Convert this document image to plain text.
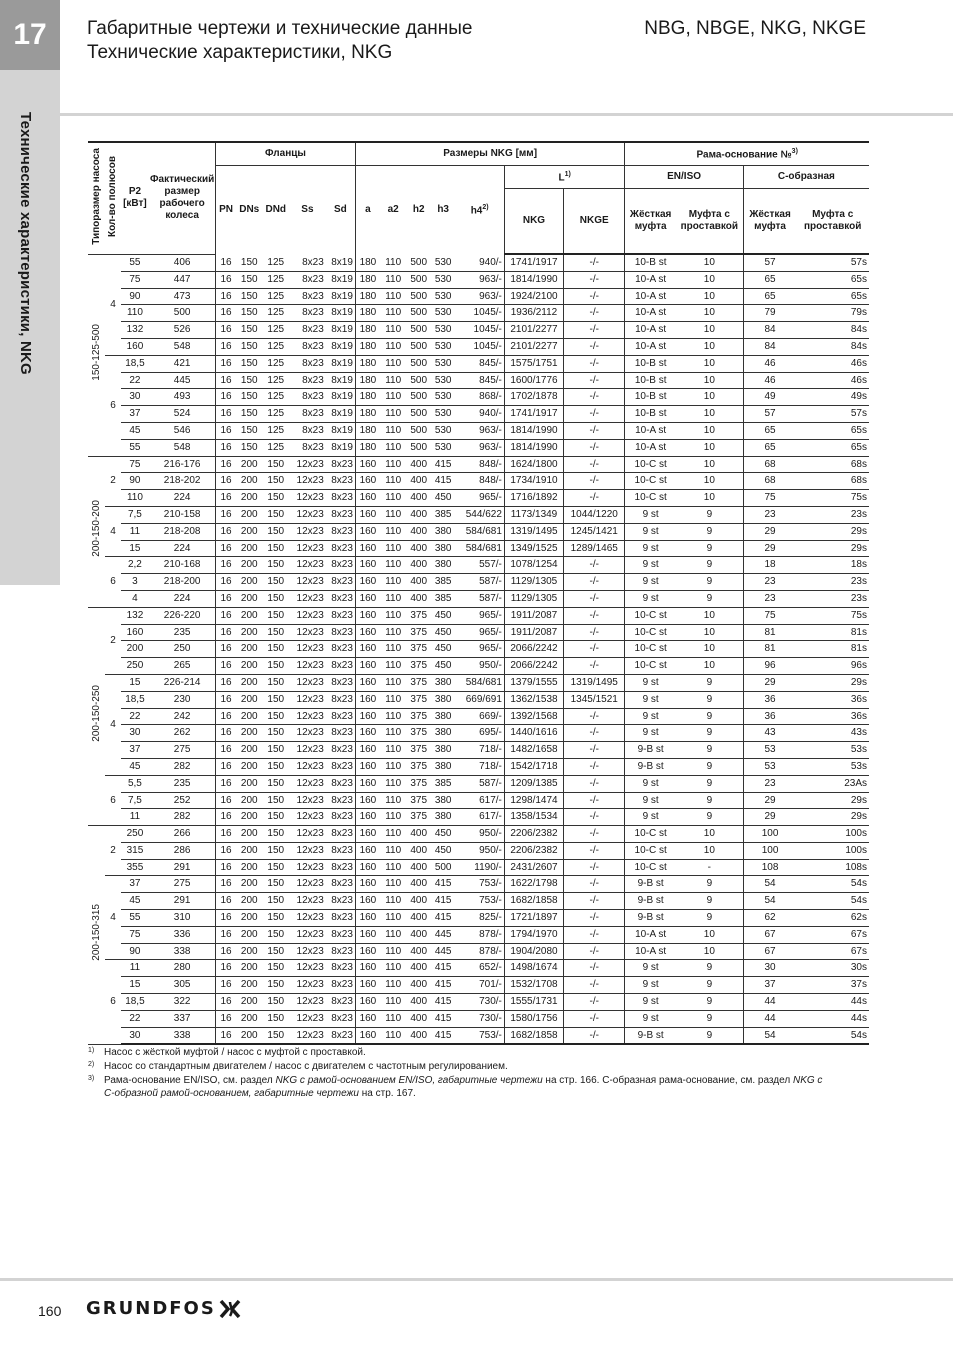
17
Технические характеристики, NKG
Габаритные чертежи и технические данные
Технические характеристики, NKG
NBG, NBGE, NKG, NKGE
Типоразмер насоса	Кол-во полюсов	P2 [кВт]	Фактический размер рабочего колеса	Фланцы					Размеры NKG [мм]							Рама-основание №$^{3)}$
				PN	DNs	DNd	Ss	Sd	a	a2	h2	h3	h4$^{2)}$	$L^{1)}$		EN/ISO		С-образная	
														NKG	NKGE	Жёсткая муфта	Муфта с проставкой	Жёсткая муфта	Муфта с проставкой
150-125-500	4	55	406	16	150	125	8x23	8x19	180	110	500	530	940/-	1741/1917	-/-	10-B st	10	57	57s
		75	447	16	150	125	8x23	8x19	180	110	500	530	963/-	1814/1990	-/-	10-A st	10	65	65s
		90	473	16	150	125	8x23	8x19	180	110	500	530	963/-	1924/2100	-/-	10-A st	10	65	65s
		110	500	16	150	125	8x23	8x19	180	110	500	530	1045/-	1936/2112	-/-	10-A st	10	79	79s
		132	526	16	150	125	8x23	8x19	180	110	500	530	1045/-	2101/2277	-/-	10-A st	10	84	84s
		160	548	16	150	125	8x23	8x19	180	110	500	530	1045/-	2101/2277	-/-	10-A st	10	84	84s
	6	18,5	421	16	150	125	8x23	8x19	180	110	500	530	845/-	1575/1751	-/-	10-B st	10	46	46s
		22	445	16	150	125	8x23	8x19	180	110	500	530	845/-	1600/1776	-/-	10-B st	10	46	46s
		30	493	16	150	125	8x23	8x19	180	110	500	530	868/-	1702/1878	-/-	10-B st	10	49	49s
		37	524	16	150	125	8x23	8x19	180	110	500	530	940/-	1741/1917	-/-	10-B st	10	57	57s
		45	546	16	150	125	8x23	8x19	180	110	500	530	963/-	1814/1990	-/-	10-A st	10	65	65s
		55	548	16	150	125	8x23	8x19	180	110	500	530	963/-	1814/1990	-/-	10-A st	10	65	65s
200-150-200	2	75	216-176	16	200	150	12x23	8x23	160	110	400	415	848/-	1624/1800	-/-	10-C st	10	68	68s
		90	218-202	16	200	150	12x23	8x23	160	110	400	415	848/-	1734/1910	-/-	10-C st	10	68	68s
		110	224	16	200	150	12x23	8x23	160	110	400	450	965/-	1716/1892	-/-	10-C st	10	75	75s
	4	7,5	210-158	16	200	150	12x23	8x23	160	110	400	385	544/622	1173/1349	1044/1220	9 st	9	23	23s
		11	218-208	16	200	150	12x23	8x23	160	110	400	380	584/681	1319/1495	1245/1421	9 st	9	29	29s
		15	224	16	200	150	12x23	8x23	160	110	400	380	584/681	1349/1525	1289/1465	9 st	9	29	29s
	6	2,2	210-168	16	200	150	12x23	8x23	160	110	400	380	557/-	1078/1254	-/-	9 st	9	18	18s
		3	218-200	16	200	150	12x23	8x23	160	110	400	385	587/-	1129/1305	-/-	9 st	9	23	23s
		4	224	16	200	150	12x23	8x23	160	110	400	385	587/-	1129/1305	-/-	9 st	9	23	23s
200-150-250	2	132	226-220	16	200	150	12x23	8x23	160	110	375	450	965/-	1911/2087	-/-	10-C st	10	75	75s
		160	235	16	200	150	12x23	8x23	160	110	375	450	965/-	1911/2087	-/-	10-C st	10	81	81s
		200	250	16	200	150	12x23	8x23	160	110	375	450	965/-	2066/2242	-/-	10-C st	10	81	81s
		250	265	16	200	150	12x23	8x23	160	110	375	450	950/-	2066/2242	-/-	10-C st	10	96	96s
	4	15	226-214	16	200	150	12x23	8x23	160	110	375	380	584/681	1379/1555	1319/1495	9 st	9	29	29s
		18,5	230	16	200	150	12x23	8x23	160	110	375	380	669/691	1362/1538	1345/1521	9 st	9	36	36s
		22	242	16	200	150	12x23	8x23	160	110	375	380	669/-	1392/1568	-/-	9 st	9	36	36s
		30	262	16	200	150	12x23	8x23	160	110	375	380	695/-	1440/1616	-/-	9 st	9	43	43s
		37	275	16	200	150	12x23	8x23	160	110	375	380	718/-	1482/1658	-/-	9-B st	9	53	53s
		45	282	16	200	150	12x23	8x23	160	110	375	380	718/-	1542/1718	-/-	9-B st	9	53	53s
	6	5,5	235	16	200	150	12x23	8x23	160	110	375	385	587/-	1209/1385	-/-	9 st	9	23	23As
		7,5	252	16	200	150	12x23	8x23	160	110	375	380	617/-	1298/1474	-/-	9 st	9	29	29s
		11	282	16	200	150	12x23	8x23	160	110	375	380	617/-	1358/1534	-/-	9 st	9	29	29s
200-150-315	2	250	266	16	200	150	12x23	8x23	160	110	400	450	950/-	2206/2382	-/-	10-C st	10	100	100s
		315	286	16	200	150	12x23	8x23	160	110	400	450	950/-	2206/2382	-/-	10-C st	10	100	100s
		355	291	16	200	150	12x23	8x23	160	110	400	500	1190/-	2431/2607	-/-	10-C st	-	108	108s
	4	37	275	16	200	150	12x23	8x23	160	110	400	415	753/-	1622/1798	-/-	9-B st	9	54	54s
		45	291	16	200	150	12x23	8x23	160	110	400	415	753/-	1682/1858	-/-	9-B st	9	54	54s
		55	310	16	200	150	12x23	8x23	160	110	400	415	825/-	1721/1897	-/-	9-B st	9	62	62s
		75	336	16	200	150	12x23	8x23	160	110	400	445	878/-	1794/1970	-/-	10-A st	10	67	67s
		90	338	16	200	150	12x23	8x23	160	110	400	445	878/-	1904/2080	-/-	10-A st	10	67	67s
	6	11	280	16	200	150	12x23	8x23	160	110	400	415	652/-	1498/1674	-/-	9 st	9	30	30s
		15	305	16	200	150	12x23	8x23	160	110	400	415	701/-	1532/1708	-/-	9 st	9	37	37s
		18,5	322	16	200	150	12x23	8x23	160	110	400	415	730/-	1555/1731	-/-	9 st	9	44	44s
		22	337	16	200	150	12x23	8x23	160	110	400	415	730/-	1580/1756	-/-	9 st	9	44	44s
		30	338	16	200	150	12x23	8x23	160	110	400	415	753/-	1682/1858	-/-	9-B st	9	54	54s
1) Насос с жёсткой муфтой / насос с муфтой с проставкой.
2) Насос со стандартным двигателем / насос с двигателем с частотным регулированием.
3) Рама-основание EN/ISO, см. раздел NKG с рамой-основанием EN/ISO, габаритные чертежи на стр. 166. С-образная рама-основание, см. раздел NKG с С-образной рамой-основанием, габаритные чертежи на стр. 167.
160 GRUNDFOS
